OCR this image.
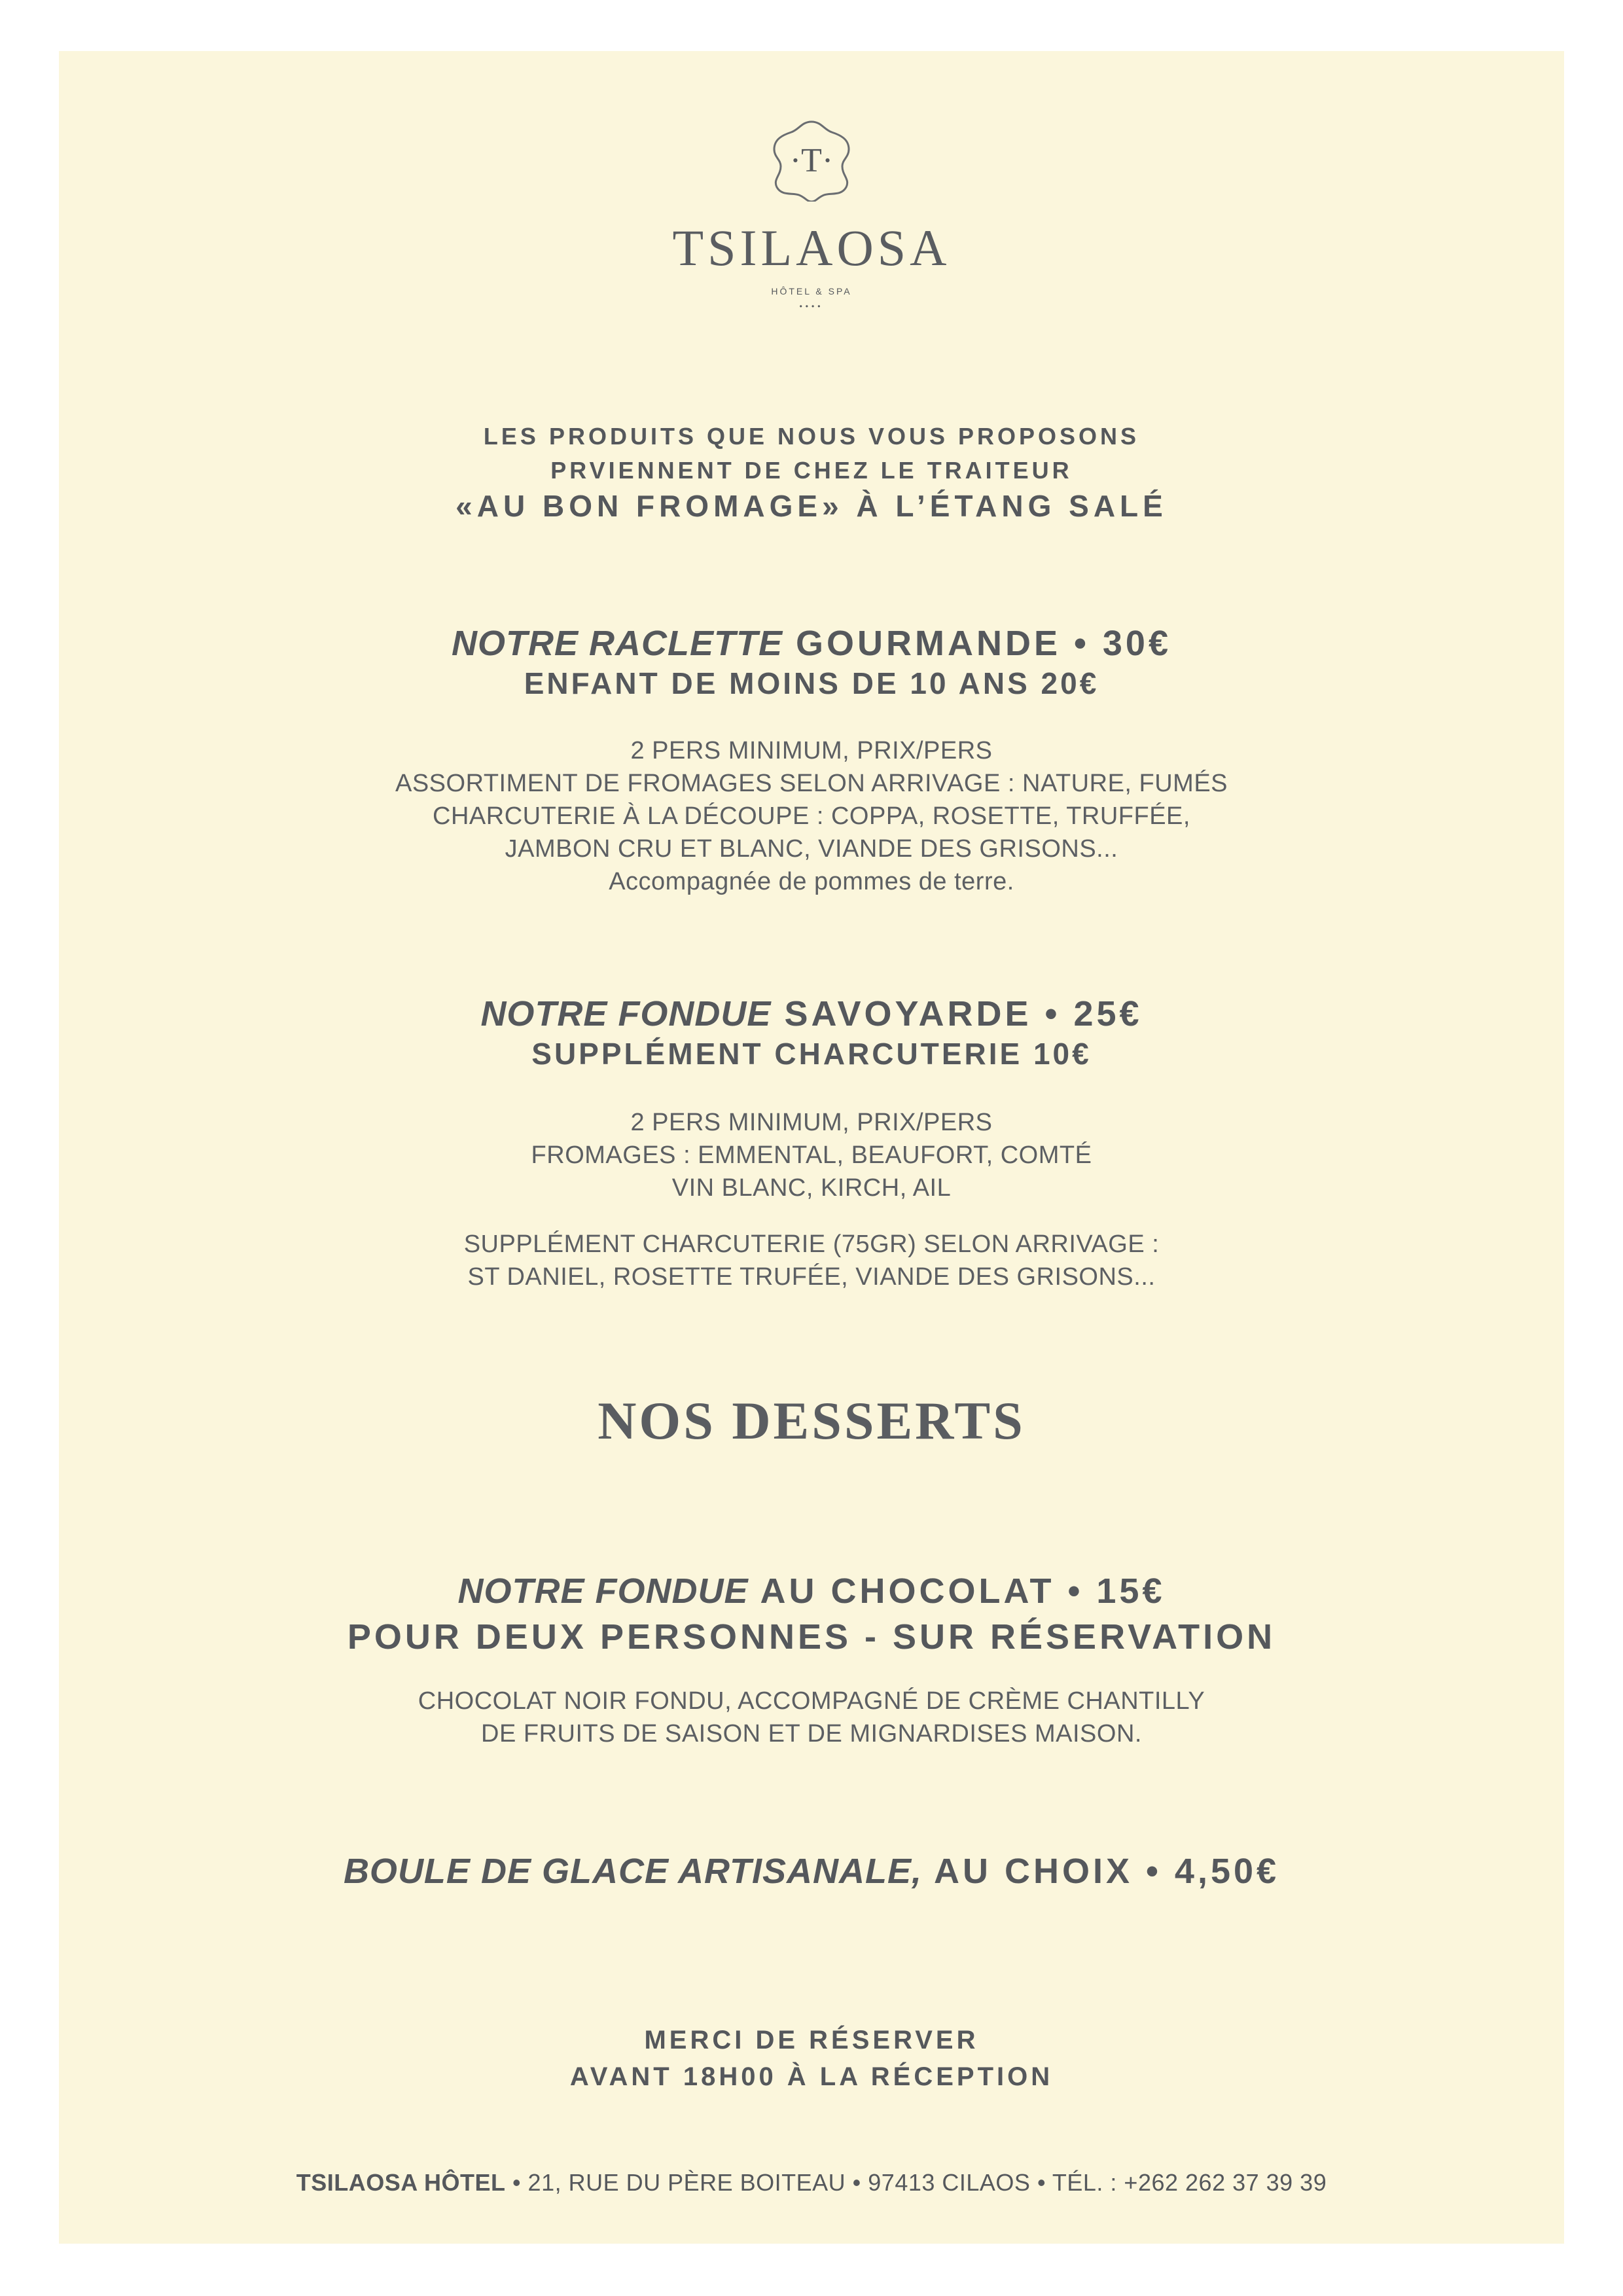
·T·
TSILAOSA
HÔTEL & SPA
••••
LES PRODUITS QUE NOUS VOUS PROPOSONS
PRVIENNENT DE CHEZ LE TRAITEUR
«AU BON FROMAGE» À L’ÉTANG SALÉ
NOTRE RACLETTE GOURMANDE • 30€
ENFANT DE MOINS DE 10 ANS 20€
2 PERS MINIMUM, PRIX/PERS
ASSORTIMENT DE FROMAGES SELON ARRIVAGE : NATURE, FUMÉS
CHARCUTERIE À LA DÉCOUPE : COPPA, ROSETTE, TRUFFÉE,
JAMBON CRU ET BLANC, VIANDE DES GRISONS...
Accompagnée de pommes de terre.
NOTRE FONDUE SAVOYARDE • 25€
SUPPLÉMENT CHARCUTERIE 10€
2 PERS MINIMUM, PRIX/PERS
FROMAGES : EMMENTAL, BEAUFORT, COMTÉ
VIN BLANC, KIRCH, AIL
SUPPLÉMENT CHARCUTERIE (75GR) SELON ARRIVAGE :
ST DANIEL, ROSETTE TRUFÉE, VIANDE DES GRISONS...
NOS DESSERTS
NOTRE FONDUE AU CHOCOLAT • 15€
POUR DEUX PERSONNES - SUR RÉSERVATION
CHOCOLAT NOIR FONDU, ACCOMPAGNÉ DE CRÈME CHANTILLY
DE FRUITS DE SAISON ET DE MIGNARDISES MAISON.
BOULE DE GLACE ARTISANALE, AU CHOIX • 4,50€
MERCI DE RÉSERVER
AVANT 18H00 À LA RÉCEPTION
TSILAOSA HÔTEL • 21, RUE DU PÈRE BOITEAU • 97413 CILAOS • TÉL. : +262 262 37 39 39
